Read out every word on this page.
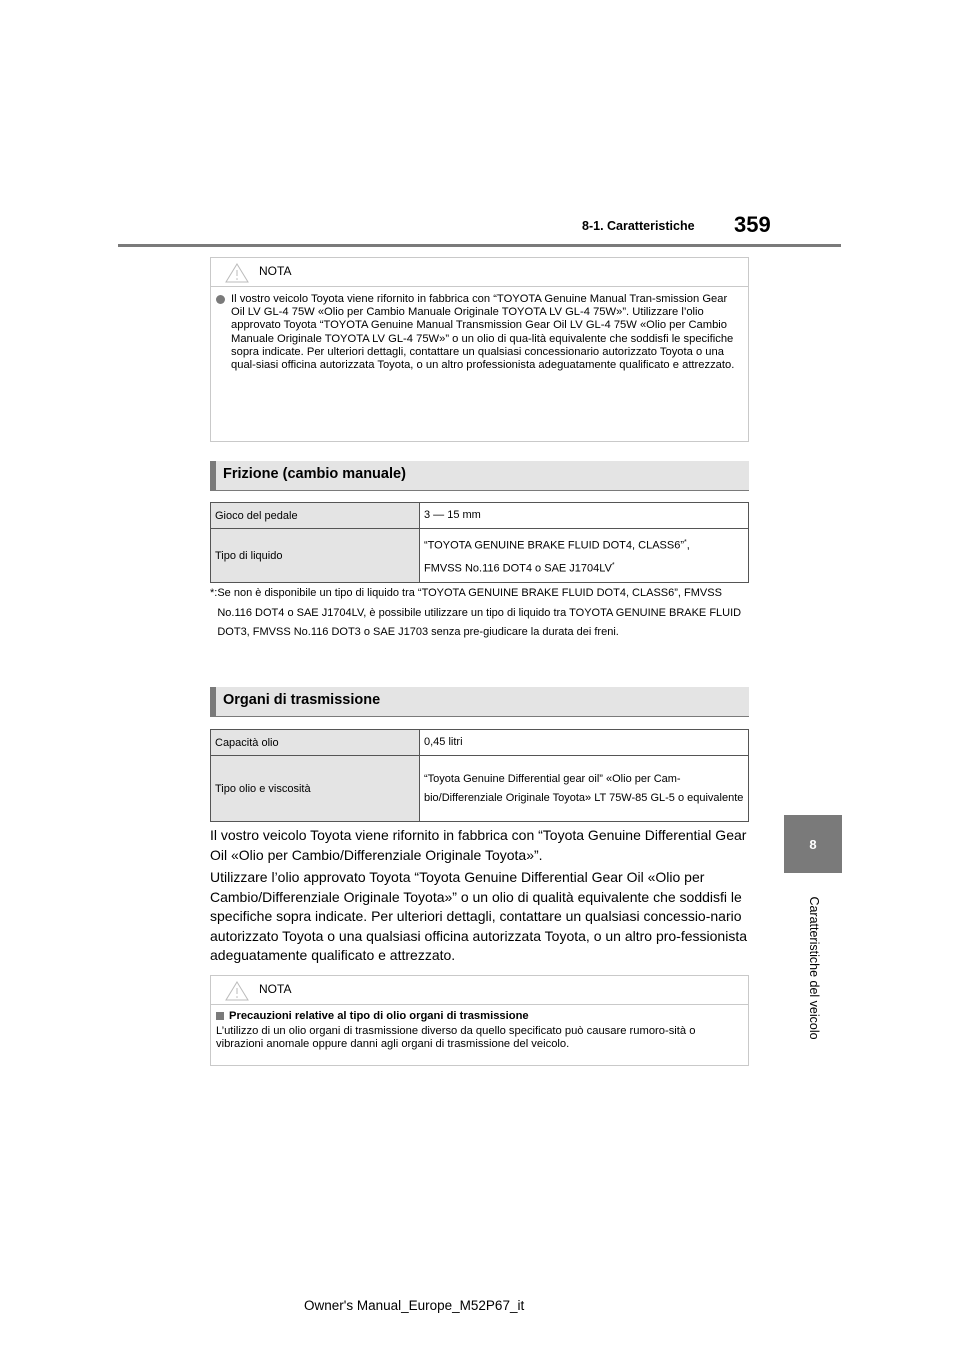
8-1. Caratteristiche 359
8
Caratteristiche del veicolo
NOTA

Il vostro veicolo Toyota viene rifornito in fabbrica con “TOYOTA Genuine Manual Tran-smission Gear Oil LV GL-4 75W «Olio per Cambio Manuale Originale TOYOTA LV GL-4 75W»”. Utilizzare l’olio approvato Toyota “TOYOTA Genuine Manual Transmission Gear Oil LV GL-4 75W «Olio per Cambio Manuale Originale TOYOTA LV GL-4 75W»” o un olio di qua-lità equivalente che soddisfi le specifiche sopra indicate. Per ulteriori dettagli, contattare un qualsiasi concessionario autorizzato Toyota o una qual-siasi officina autorizzata Toyota, o un altro professionista adeguatamente qualificato e attrezzato.

Frizione (cambio manuale)
Gioco del pedale	3 — 15 mm
Tipo di liquido	“TOYOTA GENUINE BRAKE FLUID DOT4, CLASS6”*,
FMVSS No.116 DOT4 o SAE J1704LV*
*: Se non è disponibile un tipo di liquido tra “TOYOTA GENUINE BRAKE FLUID DOT4, CLASS6”, FMVSS No.116 DOT4 o SAE J1704LV, è possibile utilizzare un tipo di liquido tra TOYOTA GENUINE BRAKE FLUID DOT3, FMVSS No.116 DOT3 o SAE J1703 senza pre-giudicare la durata dei freni.
Organi di trasmissione
Capacità olio	0,45 litri
Tipo olio e viscosità	“Toyota Genuine Differential gear oil” «Olio per Cam-bio/Differenziale Originale Toyota» LT 75W-85 GL-5 o equivalente

Il vostro veicolo Toyota viene rifornito in fabbrica con “Toyota Genuine Differential Gear Oil «Olio per Cambio/Differenziale Originale Toyota»”.

Utilizzare l’olio approvato Toyota “Toyota Genuine Differential Gear Oil «Olio per Cambio/Differenziale Originale Toyota»” o un olio di qualità equivalente che soddisfi le specifiche sopra indicate. Per ulteriori dettagli, contattare un qualsiasi concessio-nario autorizzato Toyota o una qualsiasi officina autorizzata Toyota, o un altro pro-fessionista adeguatamente qualificato e attrezzato.

NOTA

Precauzioni relative al tipo di olio organi di trasmissione

L’utilizzo di un olio organi di trasmissione diverso da quello specificato può causare rumoro-sità o vibrazioni anomale oppure danni agli organi di trasmissione del veicolo.

Owner's Manual_Europe_M52P67_it
